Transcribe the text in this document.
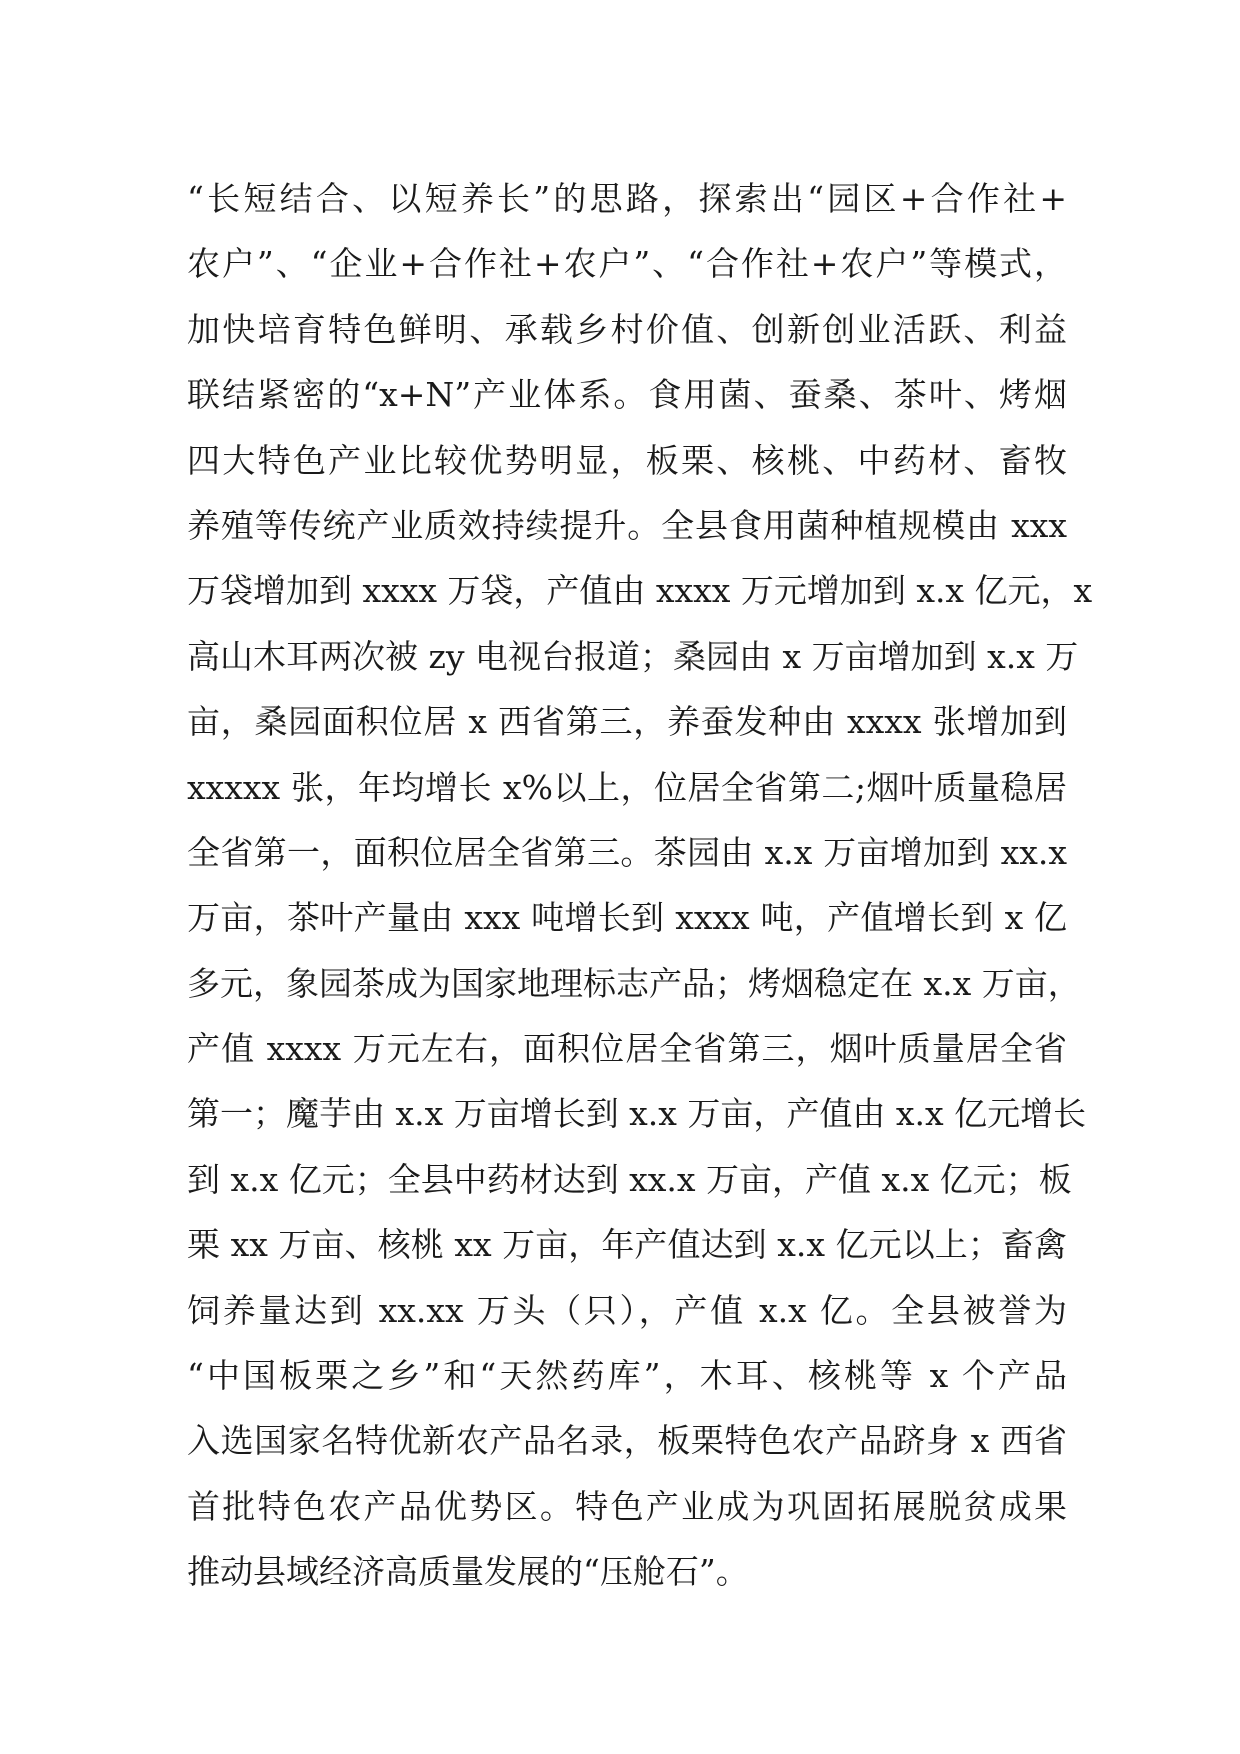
“长短结合、以短养长”的思路，探索出“园区+合作社+
农户”、“企业+合作社+农户”、“合作社+农户”等模式，
加快培育特色鲜明、承载乡村价值、创新创业活跃、利益
联结紧密的“x+N”产业体系。食用菌、蚕桑、茶叶、烤烟
四大特色产业比较优势明显，板栗、核桃、中药材、畜牧
养殖等传统产业质效持续提升。全县食用菌种植规模由 xxx
万袋增加到 xxxx 万袋，产值由 xxxx 万元增加到 x.x 亿元，x
高山木耳两次被 zy 电视台报道；桑园由 x 万亩增加到 x.x 万
亩，桑园面积位居 x 西省第三，养蚕发种由 xxxx 张增加到
xxxxx 张，年均增长 x%以上，位居全省第二;烟叶质量稳居
全省第一，面积位居全省第三。茶园由 x.x 万亩增加到 xx.x
万亩，茶叶产量由 xxx 吨增长到 xxxx 吨，产值增长到 x 亿
多元，象园茶成为国家地理标志产品；烤烟稳定在 x.x 万亩，
产值 xxxx 万元左右，面积位居全省第三，烟叶质量居全省
第一；魔芋由 x.x 万亩增长到 x.x 万亩，产值由 x.x 亿元增长
到 x.x 亿元；全县中药材达到 xx.x 万亩，产值 x.x 亿元；板
栗 xx 万亩、核桃 xx 万亩，年产值达到 x.x 亿元以上；畜禽
饲养量达到 xx.xx 万头（只），产值 x.x 亿。全县被誉为
“中国板栗之乡”和“天然药库”，木耳、核桃等 x 个产品
入选国家名特优新农产品名录，板栗特色农产品跻身 x 西省
首批特色农产品优势区。特色产业成为巩固拓展脱贫成果
推动县域经济高质量发展的“压舱石”。
